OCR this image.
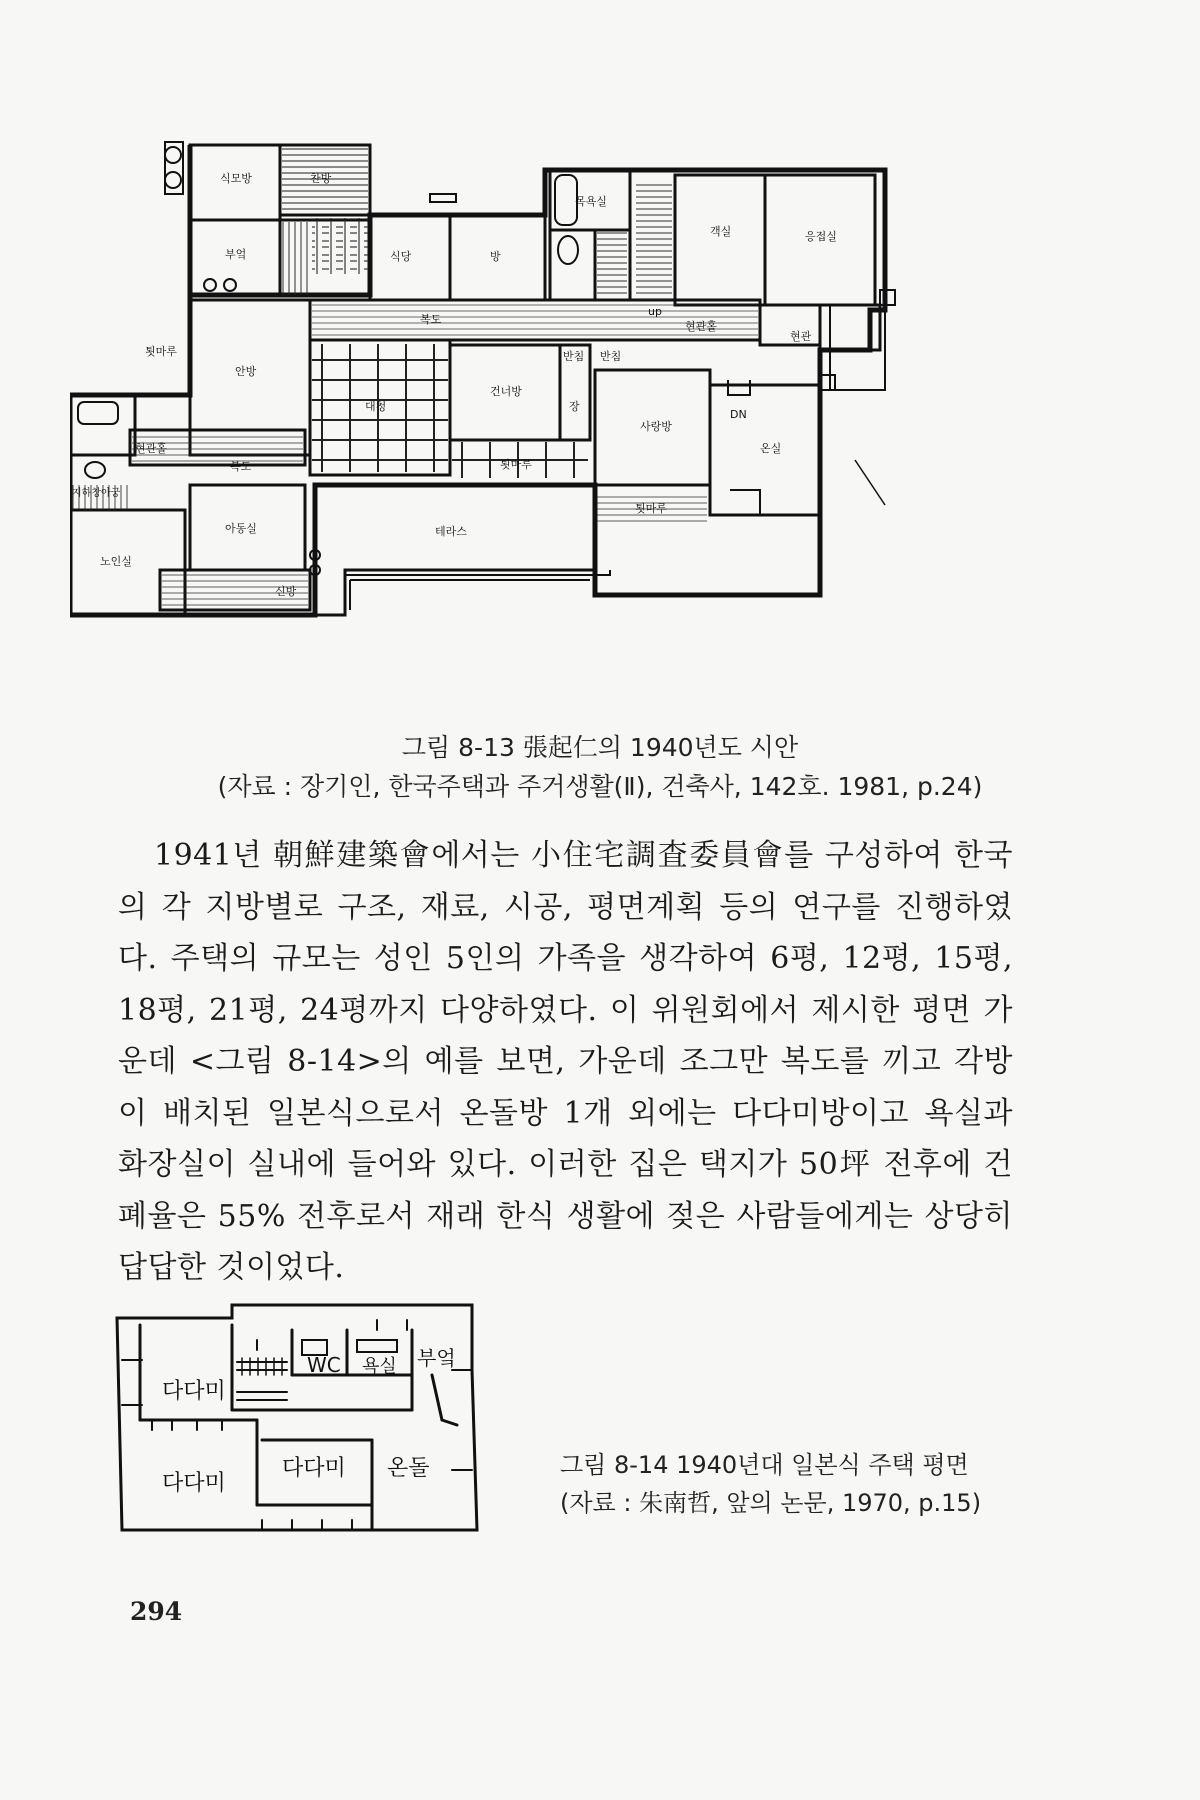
식모방	찬방
부엌	식당	방
목욕실
객실	응접실
툇마루
안방
복도
up
현관홀
현관
대청
건너방
반침 반침
장
사랑방
DN
온실
현관홀
복도	툇마루
툇마루
지하창아궁
아동실	테라스
노인실
신방
그림 8-13 張起仁의 1940년도 시안
(자료 : 장기인, 한국주택과 주거생활(Ⅱ), 건축사, 142호. 1981, p.24)

1941년 朝鮮建築會에서는 小住宅調査委員會를 구성하여 한국의 각 지방별로 구조, 재료, 시공, 평면계획 등의 연구를 진행하였다. 주택의 규모는 성인 5인의 가족을 생각하여 6평, 12평, 15평, 18평, 21평, 24평까지 다양하였다. 이 위원회에서 제시한 평면 가운데 <그림 8-14>의 예를 보면, 가운데 조그만 복도를 끼고 각방이 배치된 일본식으로서 온돌방 1개 외에는 다다미방이고 욕실과 화장실이 실내에 들어와 있다. 이러한 집은 택지가 50坪 전후에 건폐율은 55% 전후로서 재래 한식 생활에 젖은 사람들에게는 상당히 답답한 것이었다.

다다미
WC 욕실 부엌
다다미
다다미 온돌	그림 8-14 1940년대 일본식 주택 평면
(자료 : 朱南哲, 앞의 논문, 1970, p.15)
294
